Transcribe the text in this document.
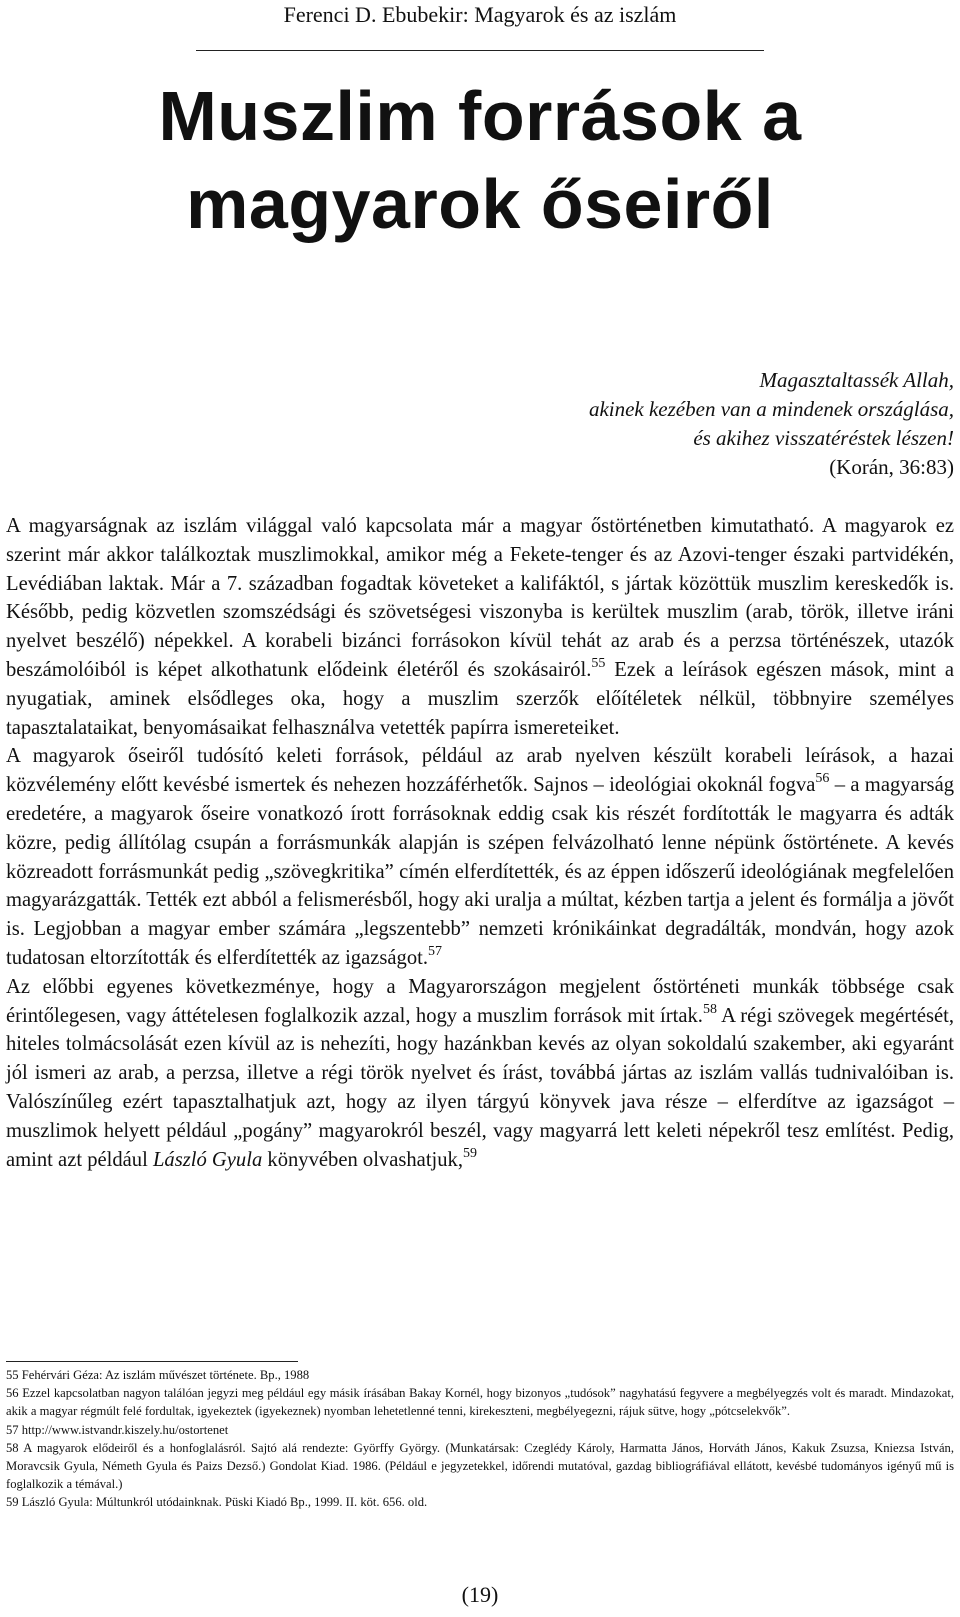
Ferenci D. Ebubekir: Magyarok és az iszlám
Muszlim források a
magyarok őseiről
Magasztaltassék Allah,
akinek kezében van a mindenek országlása,
és akihez visszatéréstek lészen!
(Korán, 36:83)

A magyarságnak az iszlám világgal való kapcsolata már a magyar őstörténetben kimutatható. A magyarok ez szerint már akkor találkoztak muszlimokkal, amikor még a Fekete-tenger és az Azovi-tenger északi partvidékén, Levédiában laktak. Már a 7. században fogadtak követeket a kalifáktól, s jártak közöttük muszlim kereskedők is. Később, pedig közvetlen szomszédsági és szövetségesi viszonyba is kerültek muszlim (arab, török, illetve iráni nyelvet beszélő) népekkel. A korabeli bizánci forrásokon kívül tehát az arab és a perzsa történészek, utazók beszámolóiból is képet alkothatunk elődeink életéről és szokásairól.$^{55}$ Ezek a leírások egészen mások, mint a nyugatiak, aminek elsődleges oka, hogy a muszlim szerzők előítéletek nélkül, többnyire személyes tapasztalataikat, benyomásaikat felhasználva vetették papírra ismereteiket.

A magyarok őseiről tudósító keleti források, például az arab nyelven készült korabeli leírások, a hazai közvélemény előtt kevésbé ismertek és nehezen hozzáférhetők. Sajnos – ideológiai okoknál fogva$^{56}$ – a magyarság eredetére, a magyarok őseire vonatkozó írott forrásoknak eddig csak kis részét fordították le magyarra és adták közre, pedig állítólag csupán a forrásmunkák alapján is szépen felvázolható lenne népünk őstörténete. A kevés közreadott forrásmunkát pedig „szövegkritika” címén elferdítették, és az éppen időszerű ideológiának megfelelően magyarázgatták. Tették ezt abból a felismerésből, hogy aki uralja a múltat, kézben tartja a jelent és formálja a jövőt is. Legjobban a magyar ember számára „legszentebb” nemzeti krónikáinkat degradálták, mondván, hogy azok tudatosan eltorzították és elferdítették az igazságot.$^{57}$

Az előbbi egyenes következménye, hogy a Magyarországon megjelent őstörténeti munkák többsége csak érintőlegesen, vagy áttételesen foglalkozik azzal, hogy a muszlim források mit írtak.$^{58}$ A régi szövegek megértését, hiteles tolmácsolását ezen kívül az is nehezíti, hogy hazánkban kevés az olyan sokoldalú szakember, aki egyaránt jól ismeri az arab, a perzsa, illetve a régi török nyelvet és írást, továbbá jártas az iszlám vallás tudnivalóiban is. Valószínűleg ezért tapasztalhatjuk azt, hogy az ilyen tárgyú könyvek java része – elferdítve az igazságot – muszlimok helyett például „pogány” magyarokról beszél, vagy magyarrá lett keleti népekről tesz említést. Pedig, amint azt például László Gyula könyvében olvashatjuk,$^{59}$

55 Fehérvári Géza: Az iszlám művészet története. Bp., 1988

56 Ezzel kapcsolatban nagyon találóan jegyzi meg például egy másik írásában Bakay Kornél, hogy bizonyos „tudósok” nagyhatású fegyvere a megbélyegzés volt és maradt. Mindazokat, akik a magyar régmúlt felé fordultak, igyekeztek (igyekeznek) nyomban lehetetlenné tenni, kirekeszteni, megbélyegezni, rájuk sütve, hogy „pótcselekvők”.

57 http://www.istvandr.kiszely.hu/ostortenet

58 A magyarok elődeiről és a honfoglalásról. Sajtó alá rendezte: Györffy György. (Munkatársak: Czeglédy Károly, Harmatta János, Horváth János, Kakuk Zsuzsa, Kniezsa István, Moravcsik Gyula, Németh Gyula és Paizs Dezső.) Gondolat Kiad. 1986. (Például e jegyzetekkel, időrendi mutatóval, gazdag bibliográfiával ellátott, kevésbé tudományos igényű mű is foglalkozik a témával.)

59 László Gyula: Múltunkról utódainknak. Püski Kiadó Bp., 1999. II. köt. 656. old.

(19)
